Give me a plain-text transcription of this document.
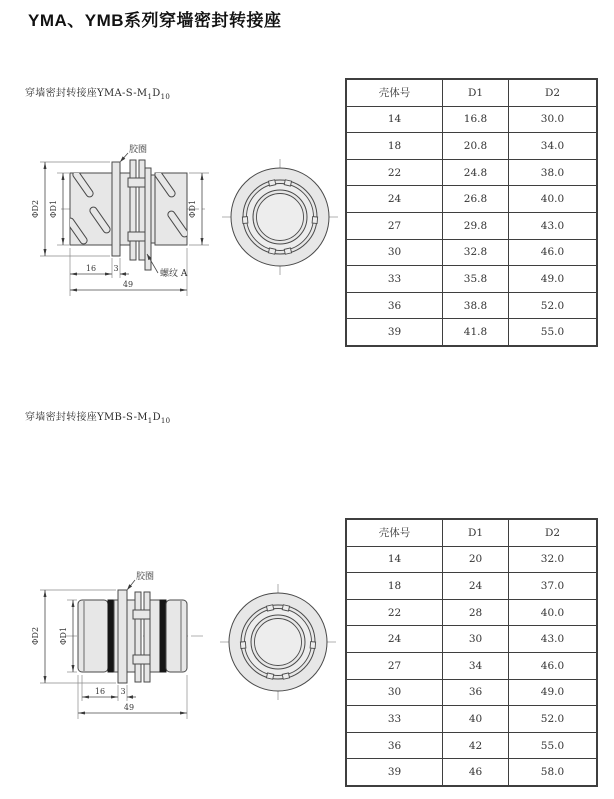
YMA、YMB系列穿墙密封转接座
穿墙密封转接座YMA-$S-M_1D_{10}$
ΦD2 ΦD1	ΦD1
16 3
49
胶圈
螺纹 A
壳体号	D1	D2
14	16.8	30.0
18	20.8	34.0
22	24.8	38.0
24	26.8	40.0
27	29.8	43.0
30	32.8	46.0
33	35.8	49.0
36	38.8	52.0
39	41.8	55.0
穿墙密封转接座YMB-$S-M_1D_{10}$
ΦD2 ΦD1
16 3
49
胶圈
壳体号	D1	D2
14	20	32.0
18	24	37.0
22	28	40.0
24	30	43.0
27	34	46.0
30	36	49.0
33	40	52.0
36	42	55.0
39	46	58.0
